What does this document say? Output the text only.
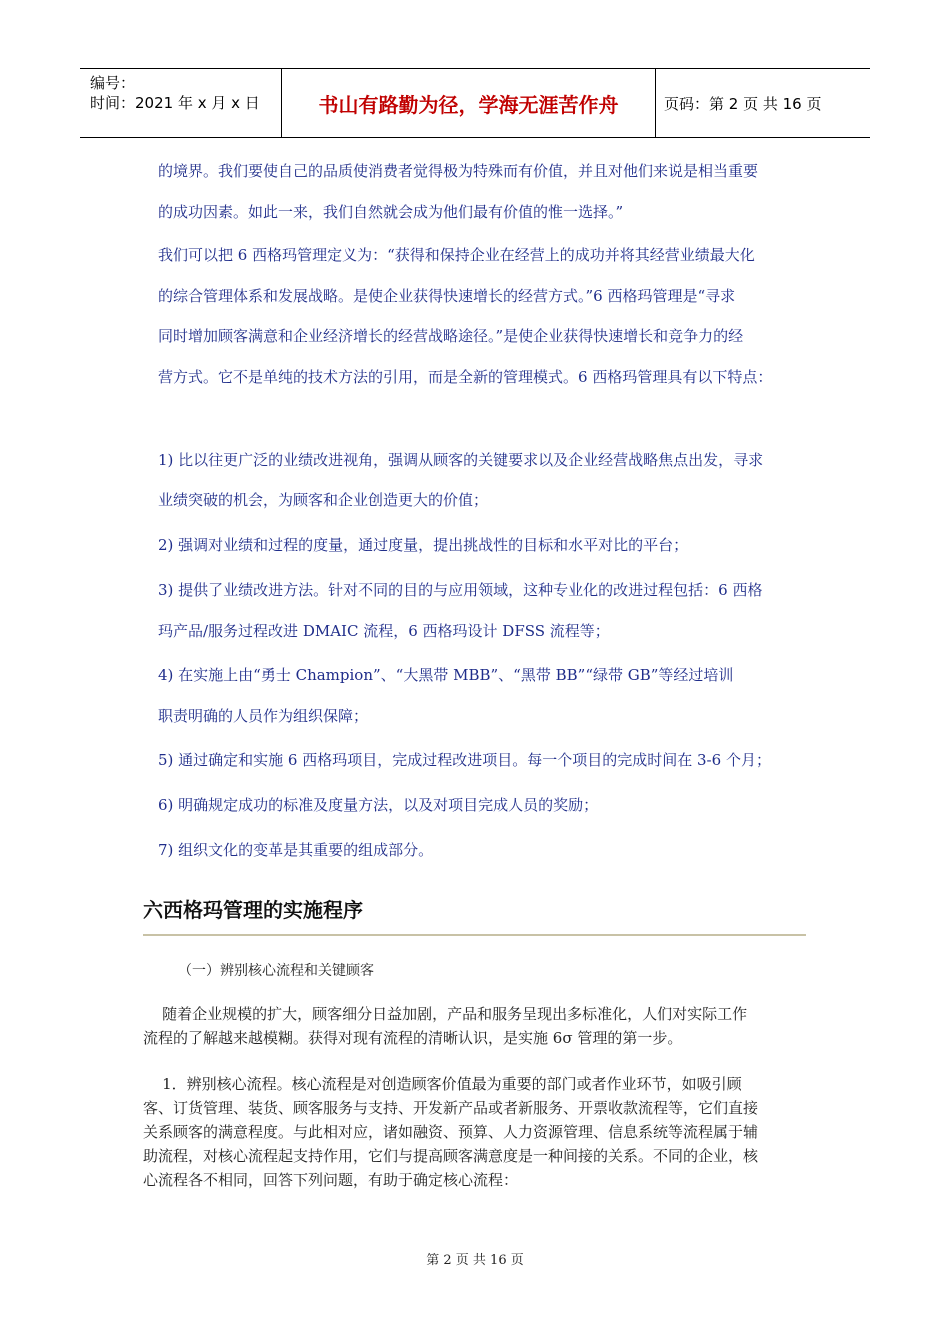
编号：
时间：2021 年 x 月 x 日	书山有路勤为径，学海无涯苦作舟	页码：第 2 页 共 16 页
的境界。我们要使自己的品质使消费者觉得极为特殊而有价值，并且对他们来说是相当重要
的成功因素。如此一来，我们自然就会成为他们最有价值的惟一选择。”
我们可以把 6 西格玛管理定义为：“获得和保持企业在经营上的成功并将其经营业绩最大化
的综合管理体系和发展战略。是使企业获得快速增长的经营方式。”6 西格玛管理是“寻求
同时增加顾客满意和企业经济增长的经营战略途径。”是使企业获得快速增长和竞争力的经
营方式。它不是单纯的技术方法的引用，而是全新的管理模式。6 西格玛管理具有以下特点：
1) 比以往更广泛的业绩改进视角，强调从顾客的关键要求以及企业经营战略焦点出发，寻求
业绩突破的机会，为顾客和企业创造更大的价值；
2) 强调对业绩和过程的度量，通过度量，提出挑战性的目标和水平对比的平台；
3) 提供了业绩改进方法。针对不同的目的与应用领域，这种专业化的改进过程包括：6 西格
玛产品/服务过程改进 DMAIC 流程，6 西格玛设计 DFSS 流程等；
4) 在实施上由“勇士 Champion”、“大黑带 MBB”、“黑带 BB”“绿带 GB”等经过培训
职责明确的人员作为组织保障；
5) 通过确定和实施 6 西格玛项目，完成过程改进项目。每一个项目的完成时间在 3-6 个月；
6) 明确规定成功的标准及度量方法，以及对项目完成人员的奖励；
7) 组织文化的变革是其重要的组成部分。
六西格玛管理的实施程序
（一）辨别核心流程和关键顾客
随着企业规模的扩大，顾客细分日益加剧，产品和服务呈现出多标准化，人们对实际工作
流程的了解越来越模糊。获得对现有流程的清晰认识，是实施 6σ 管理的第一步。
1．辨别核心流程。核心流程是对创造顾客价值最为重要的部门或者作业环节，如吸引顾
客、订货管理、装货、顾客服务与支持、开发新产品或者新服务、开票收款流程等，它们直接
关系顾客的满意程度。与此相对应，诸如融资、预算、人力资源管理、信息系统等流程属于辅
助流程，对核心流程起支持作用，它们与提高顾客满意度是一种间接的关系。不同的企业，核
心流程各不相同，回答下列问题，有助于确定核心流程：
第 2 页 共 16 页
